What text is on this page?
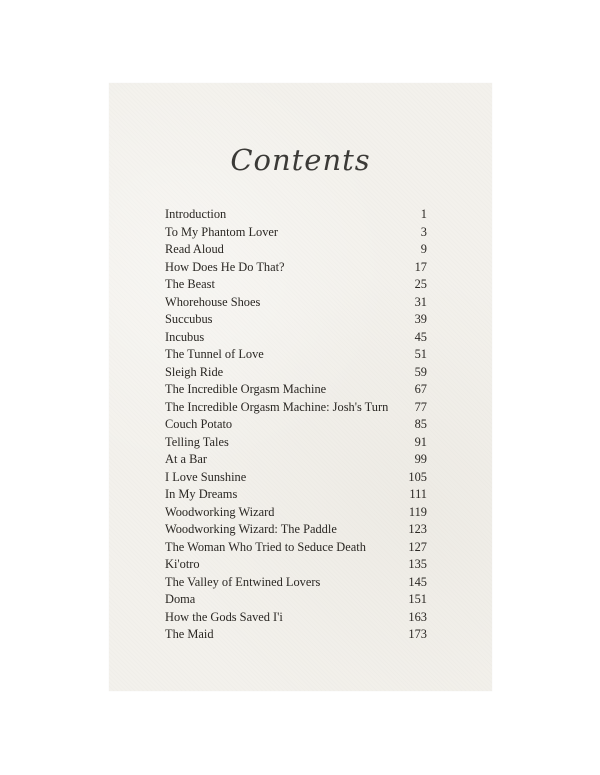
Contents
Introduction	1
To My Phantom Lover	3
Read Aloud	9
How Does He Do That?	17
The Beast	25
Whorehouse Shoes	31
Succubus	39
Incubus	45
The Tunnel of Love	51
Sleigh Ride	59
The Incredible Orgasm Machine	67
The Incredible Orgasm Machine: Josh's Turn	77
Couch Potato	85
Telling Tales	91
At a Bar	99
I Love Sunshine	105
In My Dreams	111
Woodworking Wizard	119
Woodworking Wizard: The Paddle	123
The Woman Who Tried to Seduce Death	127
Ki'otro	135
The Valley of Entwined Lovers	145
Doma	151
How the Gods Saved I'i	163
The Maid	173
